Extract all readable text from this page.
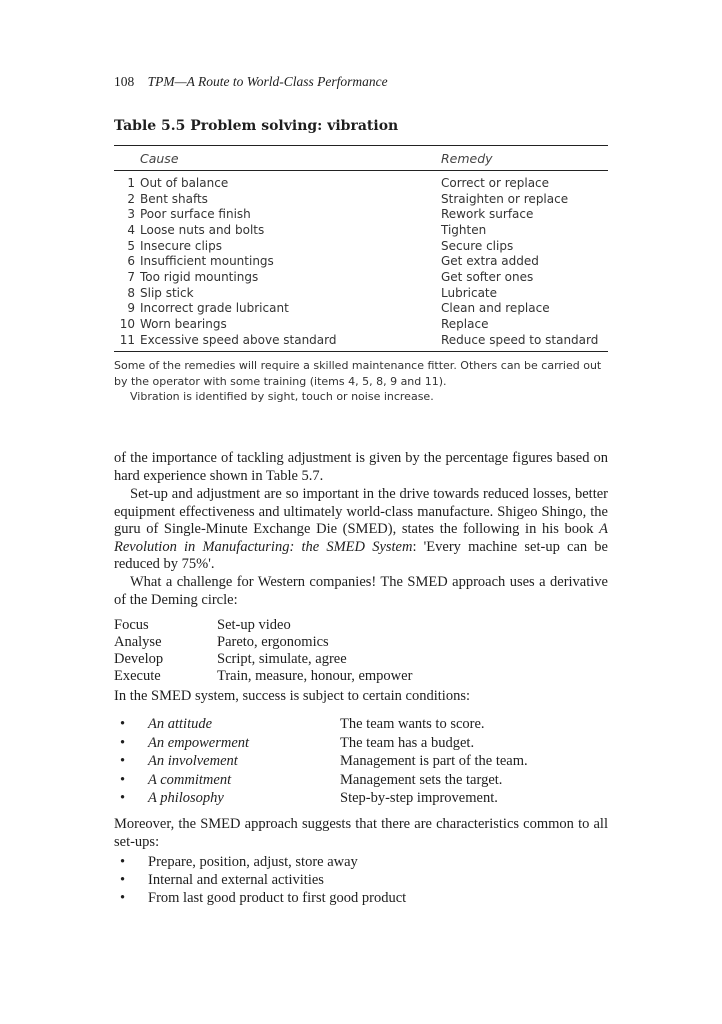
108 TPM—A Route to World-Class Performance
Table 5.5 Problem solving: vibration
Cause	Remedy
1 Out of balance	Correct or replace
2 Bent shafts	Straighten or replace
3 Poor surface finish	Rework surface
4 Loose nuts and bolts	Tighten
5 Insecure clips	Secure clips
6 Insufficient mountings	Get extra added
7 Too rigid mountings	Get softer ones
8 Slip stick	Lubricate
9 Incorrect grade lubricant	Clean and replace
10 Worn bearings	Replace
11 Excessive speed above standard	Reduce speed to standard
Some of the remedies will require a skilled maintenance fitter. Others can be carried out by the operator with some training (items 4, 5, 8, 9 and 11).
Vibration is identified by sight, touch or noise increase.
of the importance of tackling adjustment is given by the percentage figures based on hard experience shown in Table 5.7.
Set-up and adjustment are so important in the drive towards reduced losses, better equipment effectiveness and ultimately world-class manufacture. Shigeo Shingo, the guru of Single-Minute Exchange Die (SMED), states the following in his book A Revolution in Manufacturing: the SMED System: 'Every machine set-up can be reduced by 75%'.
What a challenge for Western companies! The SMED approach uses a derivative of the Deming circle:
Focus	Set-up video
Analyse	Pareto, ergonomics
Develop	Script, simulate, agree
Execute	Train, measure, honour, empower
In the SMED system, success is subject to certain conditions:
• An attitude	The team wants to score.
• An empowerment	The team has a budget.
• An involvement	Management is part of the team.
• A commitment	Management sets the target.
• A philosophy	Step-by-step improvement.
Moreover, the SMED approach suggests that there are characteristics common to all set-ups:
• Prepare, position, adjust, store away
• Internal and external activities
• From last good product to first good product
